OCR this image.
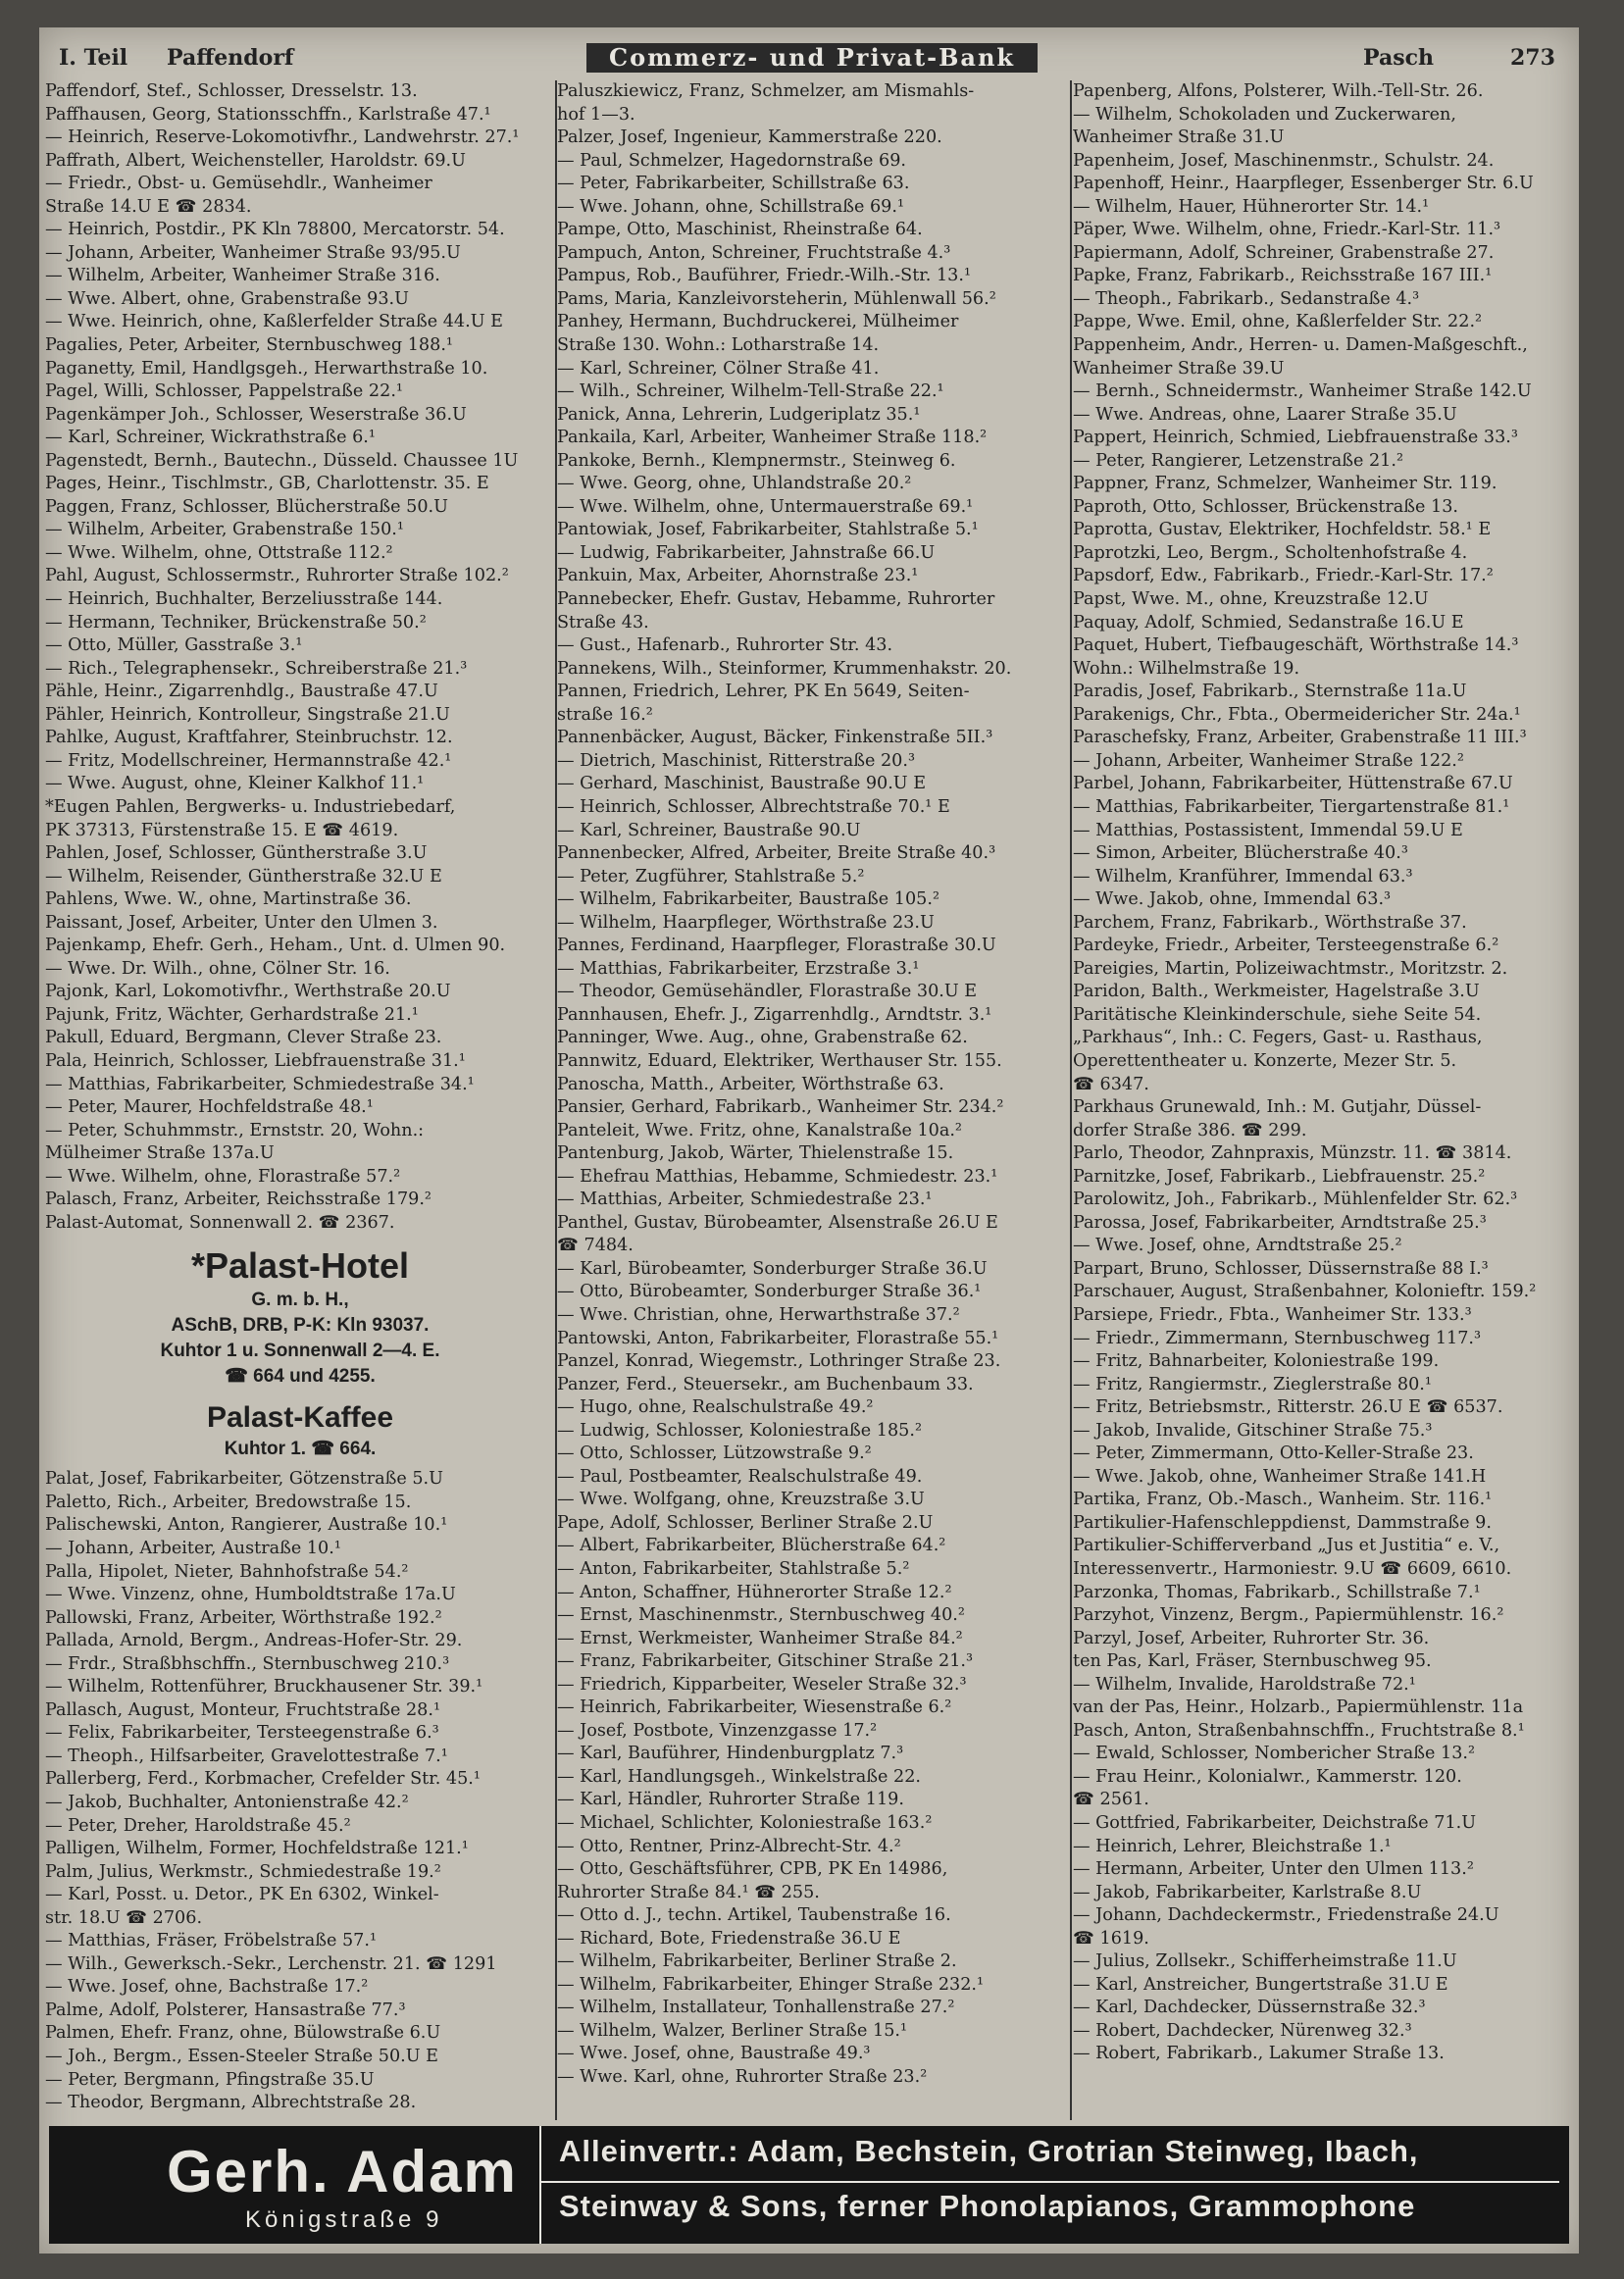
I. Teil Paffendorf	Commerz- und Privat-Bank	Pasch	273
Paffendorf, Stef., Schlosser, Dresselstr. 13.
Paffhausen, Georg, Stationsschffn., Karlstraße 47.¹
— Heinrich, Reserve-Lokomotivfhr., Landwehrstr. 27.¹
Paffrath, Albert, Weichensteller, Haroldstr. 69.U
— Friedr., Obst- u. Gemüsehdlr., Wanheimer
Straße 14.U E ☎ 2834.
— Heinrich, Postdir., PK Kln 78800, Mercatorstr. 54.
— Johann, Arbeiter, Wanheimer Straße 93/95.U
— Wilhelm, Arbeiter, Wanheimer Straße 316.
— Wwe. Albert, ohne, Grabenstraße 93.U
— Wwe. Heinrich, ohne, Kaßlerfelder Straße 44.U E
Pagalies, Peter, Arbeiter, Sternbuschweg 188.¹
Paganetty, Emil, Handlgsgeh., Herwarthstraße 10.
Pagel, Willi, Schlosser, Pappelstraße 22.¹
Pagenkämper Joh., Schlosser, Weserstraße 36.U
— Karl, Schreiner, Wickrathstraße 6.¹
Pagenstedt, Bernh., Bautechn., Düsseld. Chaussee 1U
Pages, Heinr., Tischlmstr., GB, Charlottenstr. 35. E
Paggen, Franz, Schlosser, Blücherstraße 50.U
— Wilhelm, Arbeiter, Grabenstraße 150.¹
— Wwe. Wilhelm, ohne, Ottstraße 112.²
Pahl, August, Schlossermstr., Ruhrorter Straße 102.²
— Heinrich, Buchhalter, Berzeliusstraße 144.
— Hermann, Techniker, Brückenstraße 50.²
— Otto, Müller, Gasstraße 3.¹
— Rich., Telegraphensekr., Schreiberstraße 21.³
Pähle, Heinr., Zigarrenhdlg., Baustraße 47.U
Pähler, Heinrich, Kontrolleur, Singstraße 21.U
Pahlke, August, Kraftfahrer, Steinbruchstr. 12.
— Fritz, Modellschreiner, Hermannstraße 42.¹
— Wwe. August, ohne, Kleiner Kalkhof 11.¹
*Eugen Pahlen, Bergwerks- u. Industriebedarf,
PK 37313, Fürstenstraße 15. E ☎ 4619.
Pahlen, Josef, Schlosser, Güntherstraße 3.U
— Wilhelm, Reisender, Güntherstraße 32.U E
Pahlens, Wwe. W., ohne, Martinstraße 36.
Paissant, Josef, Arbeiter, Unter den Ulmen 3.
Pajenkamp, Ehefr. Gerh., Heham., Unt. d. Ulmen 90.
— Wwe. Dr. Wilh., ohne, Cölner Str. 16.
Pajonk, Karl, Lokomotivfhr., Werthstraße 20.U
Pajunk, Fritz, Wächter, Gerhardstraße 21.¹
Pakull, Eduard, Bergmann, Clever Straße 23.
Pala, Heinrich, Schlosser, Liebfrauenstraße 31.¹
— Matthias, Fabrikarbeiter, Schmiedestraße 34.¹
— Peter, Maurer, Hochfeldstraße 48.¹
— Peter, Schuhmmstr., Ernststr. 20, Wohn.:
Mülheimer Straße 137a.U
— Wwe. Wilhelm, ohne, Florastraße 57.²
Palasch, Franz, Arbeiter, Reichsstraße 179.²
Palast-Automat, Sonnenwall 2. ☎ 2367.
*Palast-Hotel
G. m. b. H.,
ASchB, DRB, P-K: Kln 93037.
Kuhtor 1 u. Sonnenwall 2—4. E.
☎ 664 und 4255.
Palast-Kaffee
Kuhtor 1. ☎ 664.
Palat, Josef, Fabrikarbeiter, Götzenstraße 5.U
Paletto, Rich., Arbeiter, Bredowstraße 15.
Palischewski, Anton, Rangierer, Austraße 10.¹
— Johann, Arbeiter, Austraße 10.¹
Palla, Hipolet, Nieter, Bahnhofstraße 54.²
— Wwe. Vinzenz, ohne, Humboldtstraße 17a.U
Pallowski, Franz, Arbeiter, Wörthstraße 192.²
Palladа, Arnold, Bergm., Andreas-Hofer-Str. 29.
— Frdr., Straßbhschffn., Sternbuschweg 210.³
— Wilhelm, Rottenführer, Bruckhausener Str. 39.¹
Pallasch, August, Monteur, Fruchtstraße 28.¹
— Felix, Fabrikarbeiter, Tersteegenstraße 6.³
— Theoph., Hilfsarbeiter, Gravelottestraße 7.¹
Pallerberg, Ferd., Korbmacher, Crefelder Str. 45.¹
— Jakob, Buchhalter, Antonienstraße 42.²
— Peter, Dreher, Haroldstraße 45.²
Palligen, Wilhelm, Former, Hochfeldstraße 121.¹
Palm, Julius, Werkmstr., Schmiedestraße 19.²
— Karl, Posst. u. Detor., PK En 6302, Winkel-
str. 18.U ☎ 2706.
— Matthias, Fräser, Fröbelstraße 57.¹
— Wilh., Gewerksch.-Sekr., Lerchenstr. 21. ☎ 1291
— Wwe. Josef, ohne, Bachstraße 17.²
Palme, Adolf, Polsterer, Hansastraße 77.³
Palmen, Ehefr. Franz, ohne, Bülowstraße 6.U
— Joh., Bergm., Essen-Steeler Straße 50.U E
— Peter, Bergmann, Pfingstraße 35.U
— Theodor, Bergmann, Albrechtstraße 28.
Paluszkiewicz, Franz, Schmelzer, am Mismahls-
hof 1—3.
Palzer, Josef, Ingenieur, Kammerstraße 220.
— Paul, Schmelzer, Hagedornstraße 69.
— Peter, Fabrikarbeiter, Schillstraße 63.
— Wwe. Johann, ohne, Schillstraße 69.¹
Pampe, Otto, Maschinist, Rheinstraße 64.
Pampuch, Anton, Schreiner, Fruchtstraße 4.³
Pampus, Rob., Bauführer, Friedr.-Wilh.-Str. 13.¹
Pams, Maria, Kanzleivorsteherin, Mühlenwall 56.²
Panhey, Hermann, Buchdruckerei, Mülheimer
Straße 130. Wohn.: Lotharstraße 14.
— Karl, Schreiner, Cölner Straße 41.
— Wilh., Schreiner, Wilhelm-Tell-Straße 22.¹
Panick, Anna, Lehrerin, Ludgeriplatz 35.¹
Pankaila, Karl, Arbeiter, Wanheimer Straße 118.²
Pankoke, Bernh., Klempnermstr., Steinweg 6.
— Wwe. Georg, ohne, Uhlandstraße 20.²
— Wwe. Wilhelm, ohne, Untermauerstraße 69.¹
Pantowiak, Josef, Fabrikarbeiter, Stahlstraße 5.¹
— Ludwig, Fabrikarbeiter, Jahnstraße 66.U
Pankuin, Max, Arbeiter, Ahornstraße 23.¹
Pannebecker, Ehefr. Gustav, Hebamme, Ruhrorter
Straße 43.
— Gust., Hafenarb., Ruhrorter Str. 43.
Pannekens, Wilh., Steinformer, Krummenhakstr. 20.
Pannen, Friedrich, Lehrer, PK En 5649, Seiten-
straße 16.²
Pannenbäcker, August, Bäcker, Finkenstraße 5II.³
— Dietrich, Maschinist, Ritterstraße 20.³
— Gerhard, Maschinist, Baustraße 90.U E
— Heinrich, Schlosser, Albrechtstraße 70.¹ E
— Karl, Schreiner, Baustraße 90.U
Pannenbecker, Alfred, Arbeiter, Breite Straße 40.³
— Peter, Zugführer, Stahlstraße 5.²
— Wilhelm, Fabrikarbeiter, Baustraße 105.²
— Wilhelm, Haarpfleger, Wörthstraße 23.U
Pannes, Ferdinand, Haarpfleger, Florastraße 30.U
— Matthias, Fabrikarbeiter, Erzstraße 3.¹
— Theodor, Gemüsehändler, Florastraße 30.U E
Pannhausen, Ehefr. J., Zigarrenhdlg., Arndtstr. 3.¹
Panninger, Wwe. Aug., ohne, Grabenstraße 62.
Pannwitz, Eduard, Elektriker, Werthauser Str. 155.
Panoscha, Matth., Arbeiter, Wörthstraße 63.
Pansier, Gerhard, Fabrikarb., Wanheimer Str. 234.²
Panteleit, Wwe. Fritz, ohne, Kanalstraße 10a.²
Pantenburg, Jakob, Wärter, Thielenstraße 15.
— Ehefrau Matthias, Hebamme, Schmiedestr. 23.¹
— Matthias, Arbeiter, Schmiedestraße 23.¹
Panthel, Gustav, Bürobeamter, Alsenstraße 26.U E
☎ 7484.
— Karl, Bürobeamter, Sonderburger Straße 36.U
— Otto, Bürobeamter, Sonderburger Straße 36.¹
— Wwe. Christian, ohne, Herwarthstraße 37.²
Pantowski, Anton, Fabrikarbeiter, Florastraße 55.¹
Panzel, Konrad, Wiegemstr., Lothringer Straße 23.
Panzer, Ferd., Steuersekr., am Buchenbaum 33.
— Hugo, ohne, Realschulstraße 49.²
— Ludwig, Schlosser, Koloniestraße 185.²
— Otto, Schlosser, Lützowstraße 9.²
— Paul, Postbeamter, Realschulstraße 49.
— Wwe. Wolfgang, ohne, Kreuzstraße 3.U
Pape, Adolf, Schlosser, Berliner Straße 2.U
— Albert, Fabrikarbeiter, Blücherstraße 64.²
— Anton, Fabrikarbeiter, Stahlstraße 5.²
— Anton, Schaffner, Hühnerorter Straße 12.²
— Ernst, Maschinenmstr., Sternbuschweg 40.²
— Ernst, Werkmeister, Wanheimer Straße 84.²
— Franz, Fabrikarbeiter, Gitschiner Straße 21.³
— Friedrich, Kipparbeiter, Weseler Straße 32.³
— Heinrich, Fabrikarbeiter, Wiesenstraße 6.²
— Josef, Postbote, Vinzenzgasse 17.²
— Karl, Bauführer, Hindenburgplatz 7.³
— Karl, Handlungsgeh., Winkelstraße 22.
— Karl, Händler, Ruhrorter Straße 119.
— Michael, Schlichter, Koloniestraße 163.²
— Otto, Rentner, Prinz-Albrecht-Str. 4.²
— Otto, Geschäftsführer, CPB, PK En 14986,
Ruhrorter Straße 84.¹ ☎ 255.
— Otto d. J., techn. Artikel, Taubenstraße 16.
— Richard, Bote, Friedenstraße 36.U E
— Wilhelm, Fabrikarbeiter, Berliner Straße 2.
— Wilhelm, Fabrikarbeiter, Ehinger Straße 232.¹
— Wilhelm, Installateur, Tonhallenstraße 27.²
— Wilhelm, Walzer, Berliner Straße 15.¹
— Wwe. Josef, ohne, Baustraße 49.³
— Wwe. Karl, ohne, Ruhrorter Straße 23.²
Papenberg, Alfons, Polsterer, Wilh.-Tell-Str. 26.
— Wilhelm, Schokoladen und Zuckerwaren,
Wanheimer Straße 31.U
Papenheim, Josef, Maschinenmstr., Schulstr. 24.
Papenhoff, Heinr., Haarpfleger, Essenberger Str. 6.U
— Wilhelm, Hauer, Hühnerorter Str. 14.¹
Päper, Wwe. Wilhelm, ohne, Friedr.-Karl-Str. 11.³
Papiermann, Adolf, Schreiner, Grabenstraße 27.
Papke, Franz, Fabrikarb., Reichsstraße 167 III.¹
— Theoph., Fabrikarb., Sedanstraße 4.³
Pappe, Wwe. Emil, ohne, Kaßlerfelder Str. 22.²
Pappenheim, Andr., Herren- u. Damen-Maßgeschft.,
Wanheimer Straße 39.U
— Bernh., Schneidermstr., Wanheimer Straße 142.U
— Wwe. Andreas, ohne, Laarer Straße 35.U
Pappert, Heinrich, Schmied, Liebfrauenstraße 33.³
— Peter, Rangierer, Letzenstraße 21.²
Pappner, Franz, Schmelzer, Wanheimer Str. 119.
Paproth, Otto, Schlosser, Brückenstraße 13.
Paprotta, Gustav, Elektriker, Hochfeldstr. 58.¹ E
Paprotzki, Leo, Bergm., Scholtenhofstraße 4.
Papsdorf, Edw., Fabrikarb., Friedr.-Karl-Str. 17.²
Papst, Wwe. M., ohne, Kreuzstraße 12.U
Paquay, Adolf, Schmied, Sedanstraße 16.U E
Paquet, Hubert, Tiefbaugeschäft, Wörthstraße 14.³
Wohn.: Wilhelmstraße 19.
Paradis, Josef, Fabrikarb., Sternstraße 11a.U
Parakenigs, Chr., Fbta., Obermeidericher Str. 24a.¹
Paraschefsky, Franz, Arbeiter, Grabenstraße 11 III.³
— Johann, Arbeiter, Wanheimer Straße 122.²
Parbel, Johann, Fabrikarbeiter, Hüttenstraße 67.U
— Matthias, Fabrikarbeiter, Tiergartenstraße 81.¹
— Matthias, Postassistent, Immendal 59.U E
— Simon, Arbeiter, Blücherstraße 40.³
— Wilhelm, Kranführer, Immendal 63.³
— Wwe. Jakob, ohne, Immendal 63.³
Parchem, Franz, Fabrikarb., Wörthstraße 37.
Pardeyke, Friedr., Arbeiter, Tersteegenstraße 6.²
Pareigies, Martin, Polizeiwachtmstr., Moritzstr. 2.
Paridon, Balth., Werkmeister, Hagelstraße 3.U
Paritätische Kleinkinderschule, siehe Seite 54.
„Parkhaus“, Inh.: C. Fegers, Gast- u. Rasthaus,
Operettentheater u. Konzerte, Mezer Str. 5.
☎ 6347.
Parkhaus Grunewald, Inh.: M. Gutjahr, Düssel-
dorfer Straße 386. ☎ 299.
Parlo, Theodor, Zahnpraxis, Münzstr. 11. ☎ 3814.
Parnitzke, Josef, Fabrikarb., Liebfrauenstr. 25.²
Parolowitz, Joh., Fabrikarb., Mühlenfelder Str. 62.³
Parossa, Josef, Fabrikarbeiter, Arndtstraße 25.³
— Wwe. Josef, ohne, Arndtstraße 25.²
Parpart, Bruno, Schlosser, Düssernstraße 88 I.³
Parschauer, August, Straßenbahner, Kolonieftr. 159.²
Parsiepe, Friedr., Fbta., Wanheimer Str. 133.³
— Friedr., Zimmermann, Sternbuschweg 117.³
— Fritz, Bahnarbeiter, Koloniestraße 199.
— Fritz, Rangiermstr., Zieglerstraße 80.¹
— Fritz, Betriebsmstr., Ritterstr. 26.U E ☎ 6537.
— Jakob, Invalide, Gitschiner Straße 75.³
— Peter, Zimmermann, Otto-Keller-Straße 23.
— Wwe. Jakob, ohne, Wanheimer Straße 141.H
Partika, Franz, Ob.-Masch., Wanheim. Str. 116.¹
Partikulier-Hafenschleppdienst, Dammstraße 9.
Partikulier-Schifferverband „Jus et Justitia“ e. V.,
Interessenvertr., Harmoniestr. 9.U ☎ 6609, 6610.
Parzonka, Thomas, Fabrikarb., Schillstraße 7.¹
Parzyhot, Vinzenz, Bergm., Papiermühlenstr. 16.²
Parzyl, Josef, Arbeiter, Ruhrorter Str. 36.
ten Pas, Karl, Fräser, Sternbuschweg 95.
— Wilhelm, Invalide, Haroldstraße 72.¹
van der Pas, Heinr., Holzarb., Papiermühlenstr. 11a
Pasch, Anton, Straßenbahnschffn., Fruchtstraße 8.¹
— Ewald, Schlosser, Nombericher Straße 13.²
— Frau Heinr., Kolonialwr., Kammerstr. 120.
☎ 2561.
— Gottfried, Fabrikarbeiter, Deichstraße 71.U
— Heinrich, Lehrer, Bleichstraße 1.¹
— Hermann, Arbeiter, Unter den Ulmen 113.²
— Jakob, Fabrikarbeiter, Karlstraße 8.U
— Johann, Dachdeckermstr., Friedenstraße 24.U
☎ 1619.
— Julius, Zollsekr., Schifferheimstraße 11.U
— Karl, Anstreicher, Bungertstraße 31.U E
— Karl, Dachdecker, Düssernstraße 32.³
— Robert, Dachdecker, Nürenweg 32.³
— Robert, Fabrikarb., Lakumer Straße 13.
Gerh. Adam
Königstraße 9
Alleinvertr.: Adam, Bechstein, Grotrian Steinweg, Ibach,
Steinway & Sons, ferner Phonolapianos, Grammophone
